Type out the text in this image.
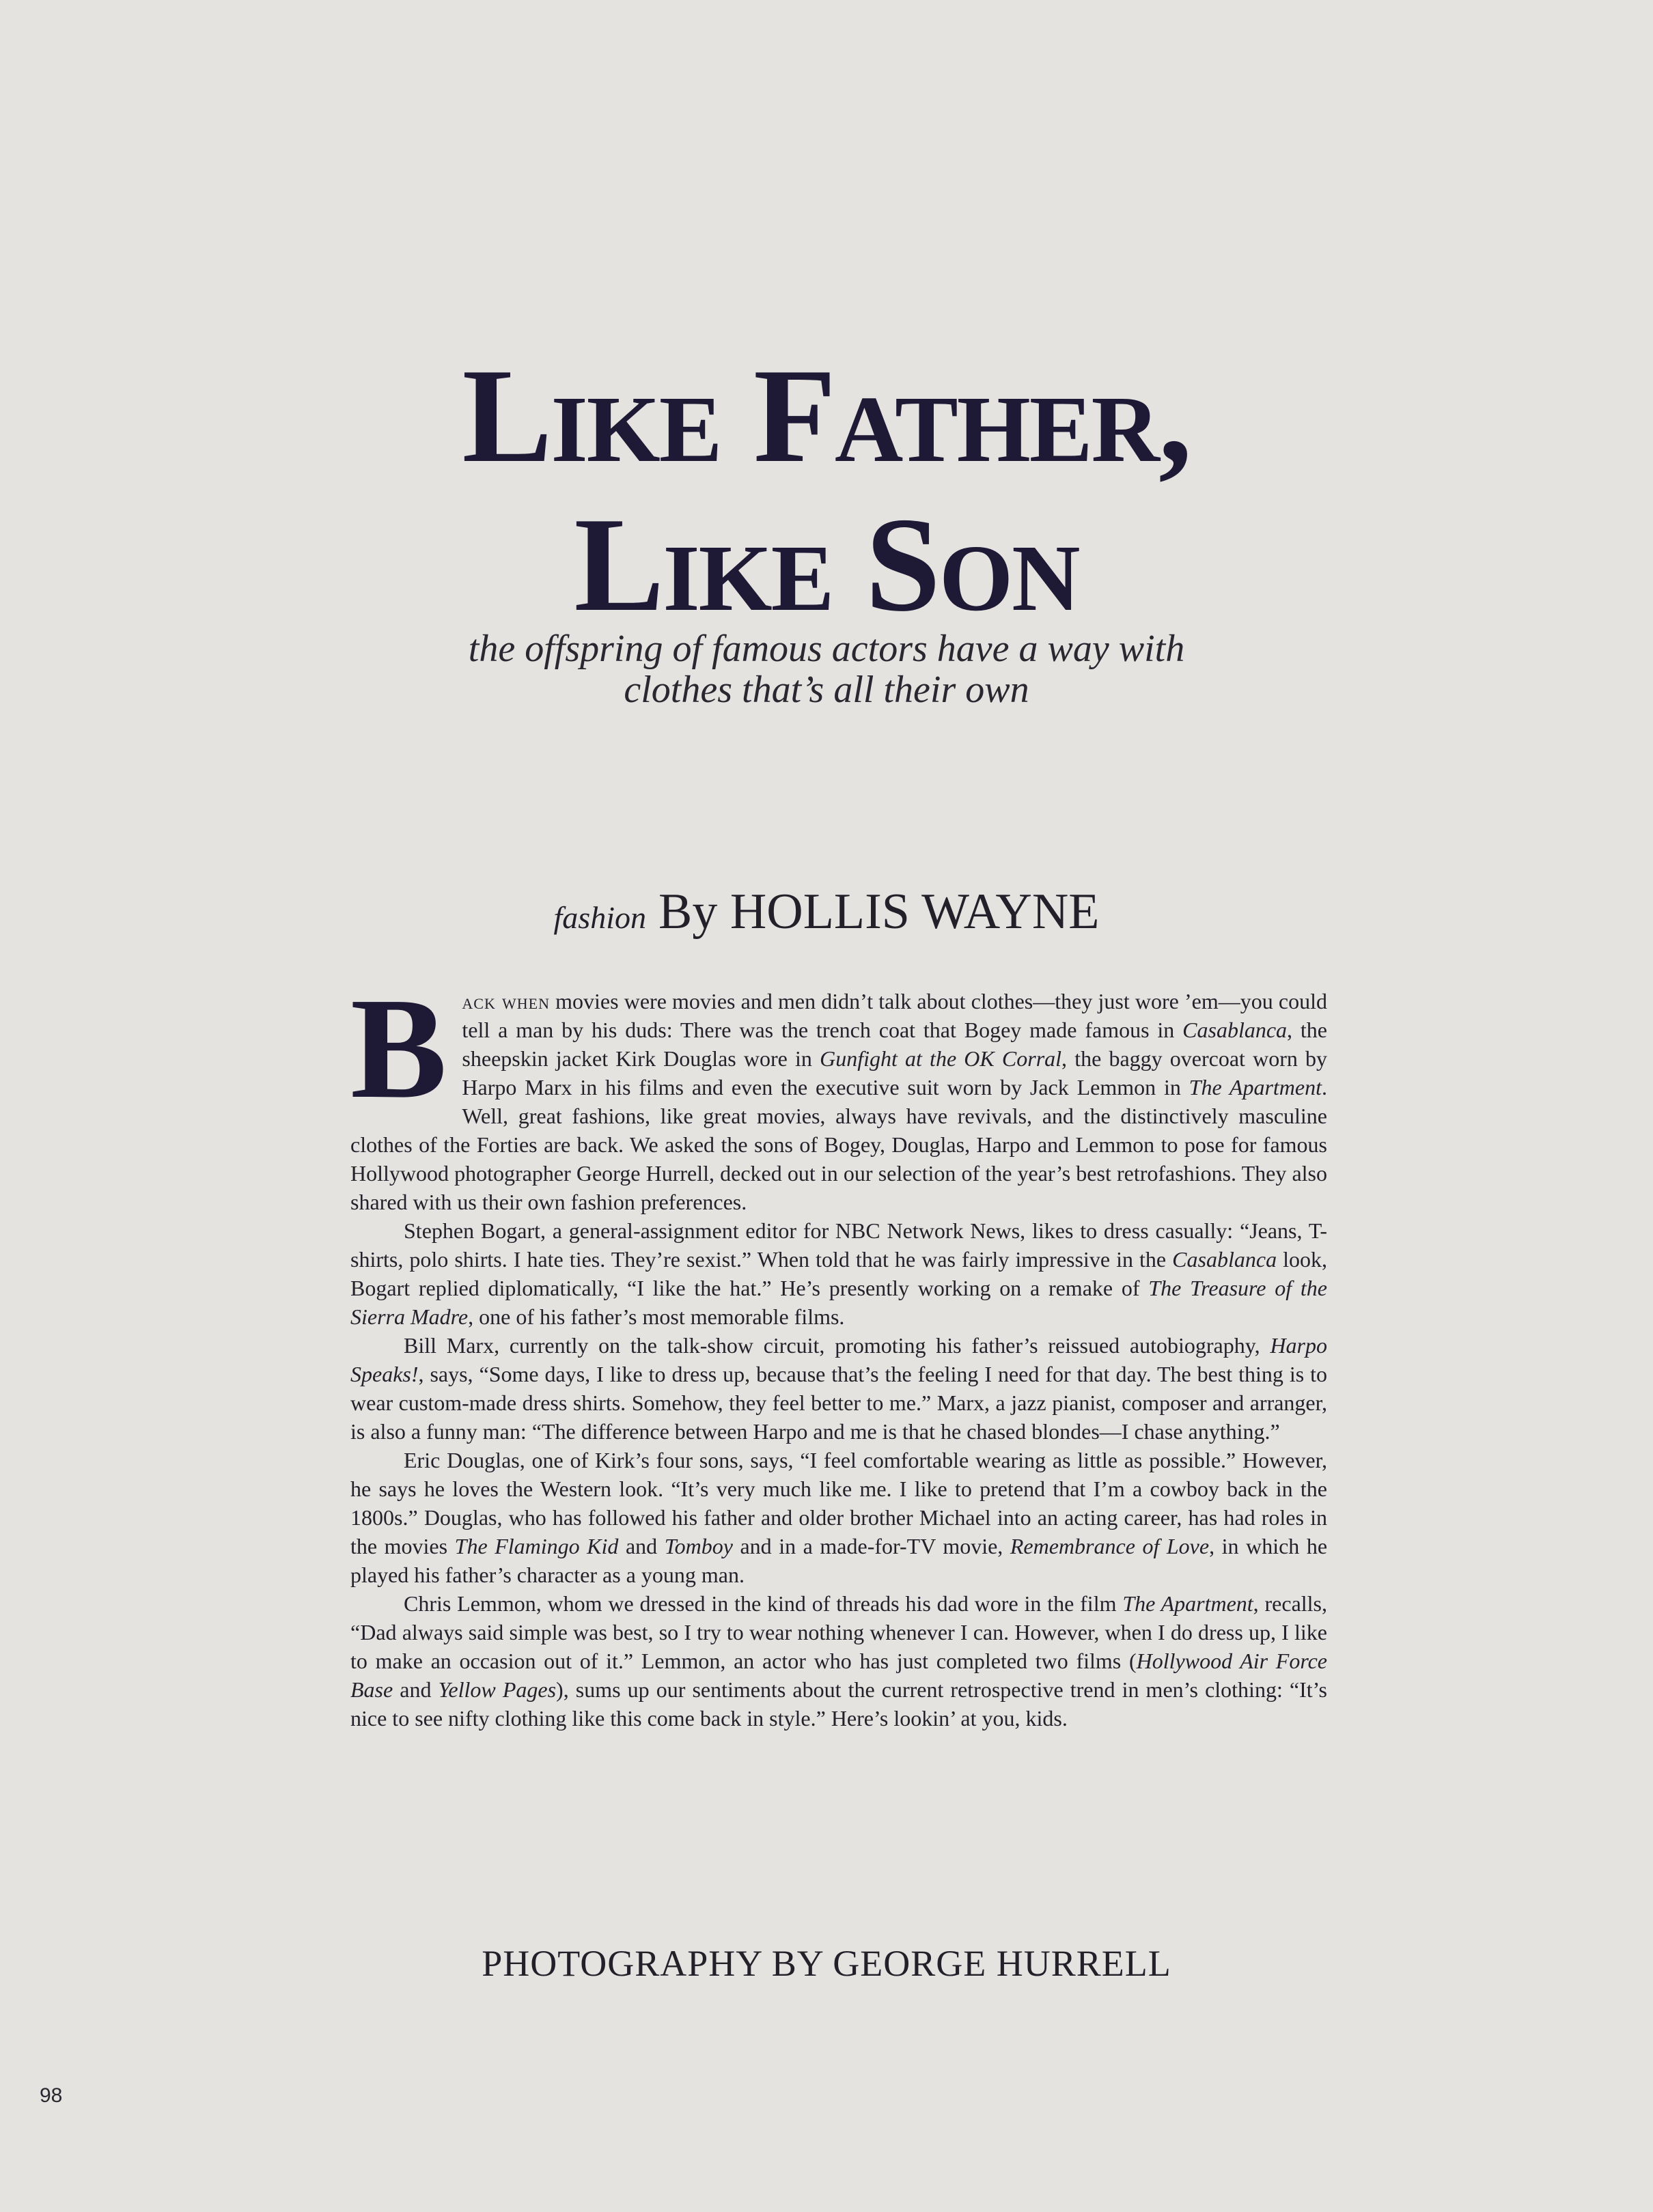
Like Father,
Like Son
the offspring of famous actors have a way with
clothes that’s all their own
fashion By HOLLIS WAYNE

Back when movies were movies and men didn’t talk about clothes—they just wore ’em—you could tell a man by his duds: There was the trench coat that Bogey made famous in Casablanca, the sheepskin jacket Kirk Douglas wore in Gunfight at the OK Corral, the baggy overcoat worn by Harpo Marx in his films and even the executive suit worn by Jack Lemmon in The Apartment. Well, great fashions, like great movies, always have revivals, and the distinctively masculine clothes of the Forties are back. We asked the sons of Bogey, Douglas, Harpo and Lemmon to pose for famous Hollywood photographer George Hurrell, decked out in our selection of the year’s best retrofashions. They also shared with us their own fashion preferences.

Stephen Bogart, a general-assignment editor for NBC Network News, likes to dress casually: “Jeans, T-shirts, polo shirts. I hate ties. They’re sexist.” When told that he was fairly impressive in the Casablanca look, Bogart replied diplomatically, “I like the hat.” He’s presently working on a remake of The Treasure of the Sierra Madre, one of his father’s most memorable films.

Bill Marx, currently on the talk-show circuit, promoting his father’s reissued autobiography, Harpo Speaks!, says, “Some days, I like to dress up, because that’s the feeling I need for that day. The best thing is to wear custom-made dress shirts. Somehow, they feel better to me.” Marx, a jazz pianist, composer and arranger, is also a funny man: “The difference between Harpo and me is that he chased blondes—I chase anything.”

Eric Douglas, one of Kirk’s four sons, says, “I feel comfortable wearing as little as possible.” However, he says he loves the Western look. “It’s very much like me. I like to pretend that I’m a cowboy back in the 1800s.” Douglas, who has followed his father and older brother Michael into an acting career, has had roles in the movies The Flamingo Kid and Tomboy and in a made-for-TV movie, Remembrance of Love, in which he played his father’s character as a young man.

Chris Lemmon, whom we dressed in the kind of threads his dad wore in the film The Apartment, recalls, “Dad always said simple was best, so I try to wear nothing whenever I can. However, when I do dress up, I like to make an occasion out of it.” Lemmon, an actor who has just completed two films (Hollywood Air Force Base and Yellow Pages), sums up our sentiments about the current retrospective trend in men’s clothing: “It’s nice to see nifty clothing like this come back in style.” Here’s lookin’ at you, kids.

PHOTOGRAPHY BY GEORGE HURRELL
98
